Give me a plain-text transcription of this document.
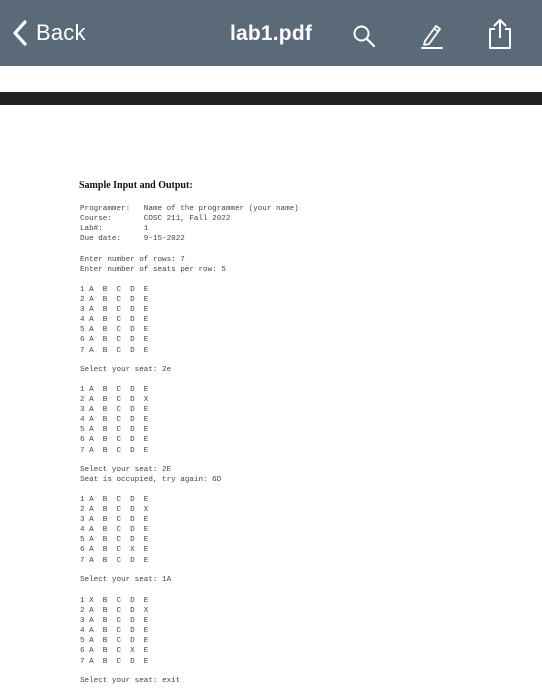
Back	lab1.pdf
Sample Input and Output:
Programmer:   Name of the programmer (your name)
Course:       COSC 211, Fall 2022
Lab#:         1
Due date:     9-15-2022
Enter number of rows: 7
Enter number of seats per row: 5
1 A  B  C  D  E
2 A  B  C  D  E
3 A  B  C  D  E
4 A  B  C  D  E
5 A  B  C  D  E
6 A  B  C  D  E
7 A  B  C  D  E
Select your seat: 2e
1 A  B  C  D  E
2 A  B  C  D  X
3 A  B  C  D  E
4 A  B  C  D  E
5 A  B  C  D  E
6 A  B  C  D  E
7 A  B  C  D  E
Select your seat: 2E
Seat is occupied, try again: 6D
1 A  B  C  D  E
2 A  B  C  D  X
3 A  B  C  D  E
4 A  B  C  D  E
5 A  B  C  D  E
6 A  B  C  X  E
7 A  B  C  D  E
Select your seat: 1A
1 X  B  C  D  E
2 A  B  C  D  X
3 A  B  C  D  E
4 A  B  C  D  E
5 A  B  C  D  E
6 A  B  C  X  E
7 A  B  C  D  E
Select your seat: exit
